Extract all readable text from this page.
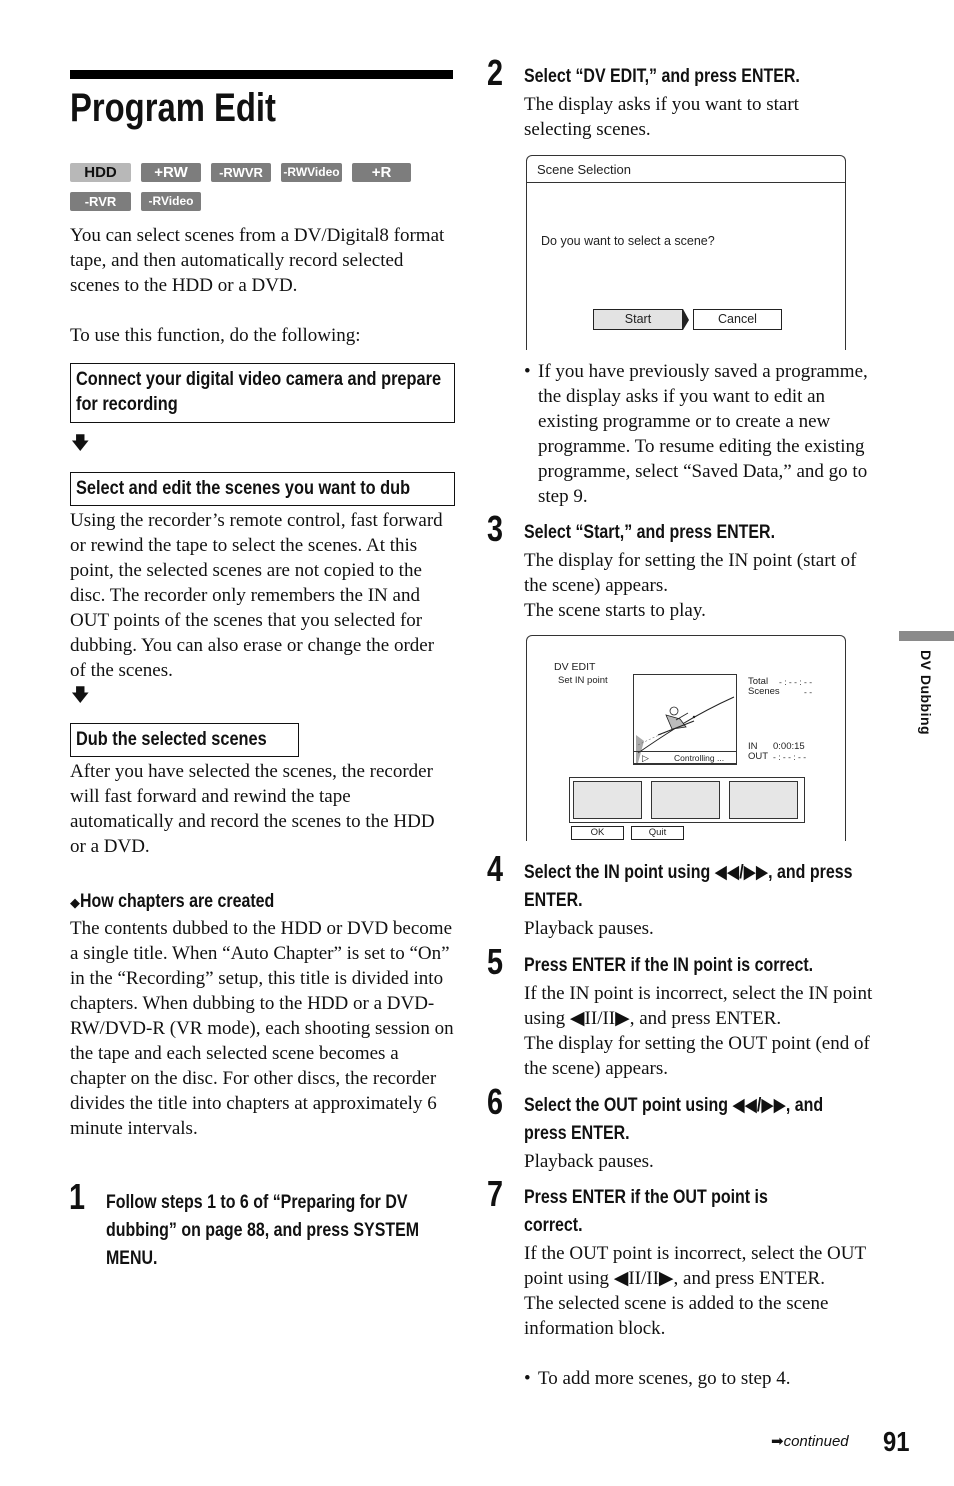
Program Edit
HDD	+RW	-RWVR	-RWVideo	+R
-RVR	-RVideo
You can select scenes from a DV/Digital8 format tape, and then automatically record selected scenes to the HDD or a DVD.
To use this function, do the following:
Connect your digital video camera and prepare for recording
🡇
Select and edit the scenes you want to dub
Using the recorder’s remote control, fast forward or rewind the tape to select the scenes. At this point, the selected scenes are not copied to the disc. The recorder only remembers the IN and OUT points of the scenes that you selected for dubbing. You can also erase or change the order of the scenes.
🡇
Dub the selected scenes
After you have selected the scenes, the recorder will fast forward and rewind the tape automatically and record the scenes to the HDD or a DVD.
◆How chapters are created
The contents dubbed to the HDD or DVD become a single title. When “Auto Chapter” is set to “On” in the “Recording” setup, this title is divided into chapters. When dubbing to the HDD or a DVD-RW/DVD-R (VR mode), each shooting session on the tape and each selected scene becomes a chapter on the disc. For other discs, the recorder divides the title into chapters at approximately 6 minute intervals.
1 Follow steps 1 to 6 of “Preparing for DV dubbing” on page 88, and press SYSTEM MENU.
2 Select “DV EDIT,” and press ENTER.
The display asks if you want to start selecting scenes.
Scene Selection
Do you want to select a scene?
Start	Cancel
• If you have previously saved a programme, the display asks if you want to edit an existing programme or to create a new programme. To resume editing the existing programme, select “Saved Data,” and go to step 9.
3 Select “Start,” and press ENTER.
The display for setting the IN point (start of the scene) appears.
The scene starts to play.
DV EDIT
Set IN point
▷	Controlling ...
Total - : - - : - -
Scenes	- -
IN 0:00:15
OUT - : - - : - -
OK	Quit
4 Select the IN point using ◀◀/▶▶, and press ENTER.
Playback pauses.
5 Press ENTER if the IN point is correct.
If the IN point is incorrect, select the IN point using ◀II/II▶, and press ENTER.
The display for setting the OUT point (end of the scene) appears.
6 Select the OUT point using ◀◀/▶▶, and press ENTER.
Playback pauses.
7 Press ENTER if the OUT point is correct.
If the OUT point is incorrect, select the OUT point using ◀II/II▶, and press ENTER.
The selected scene is added to the scene information block.
• To add more scenes, go to step 4.
DV Dubbing
➡continued 91
